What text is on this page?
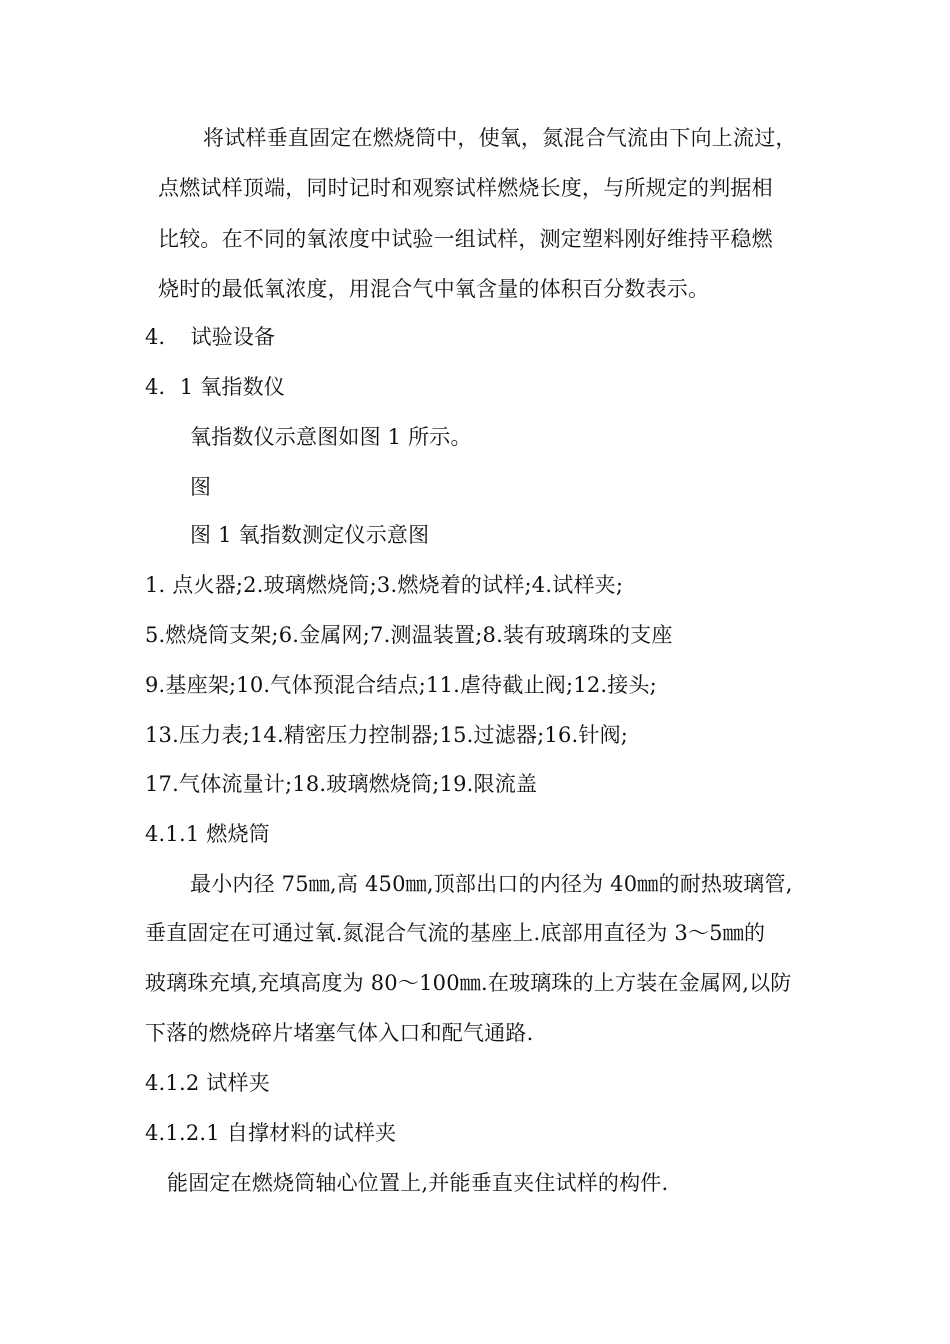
将试样垂直固定在燃烧筒中，使氧，氮混合气流由下向上流过，
点燃试样顶端，同时记时和观察试样燃烧长度，与所规定的判据相
比较。在不同的氧浓度中试验一组试样，测定塑料刚好维持平稳燃
烧时的最低氧浓度，用混合气中氧含量的体积百分数表示。
4．　试验设备
4．1 氧指数仪
氧指数仪示意图如图 1 所示。
图
图 1 氧指数测定仪示意图
1. 点火器;2.玻璃燃烧筒;3.燃烧着的试样;4.试样夹;
5.燃烧筒支架;6.金属网;7.测温装置;8.装有玻璃珠的支座
9.基座架;10.气体预混合结点;11.虐待截止阀;12.接头;
13.压力表;14.精密压力控制器;15.过滤器;16.针阀;
17.气体流量计;18.玻璃燃烧筒;19.限流盖
4.1.1 燃烧筒
最小内径 75㎜,高 450㎜,顶部出口的内径为 40㎜的耐热玻璃管,
垂直固定在可通过氧.氮混合气流的基座上.底部用直径为 3～5㎜的
玻璃珠充填,充填高度为 80～100㎜.在玻璃珠的上方装在金属网,以防
下落的燃烧碎片堵塞气体入口和配气通路.
4.1.2 试样夹
4.1.2.1 自撑材料的试样夹
能固定在燃烧筒轴心位置上,并能垂直夹住试样的构件.
